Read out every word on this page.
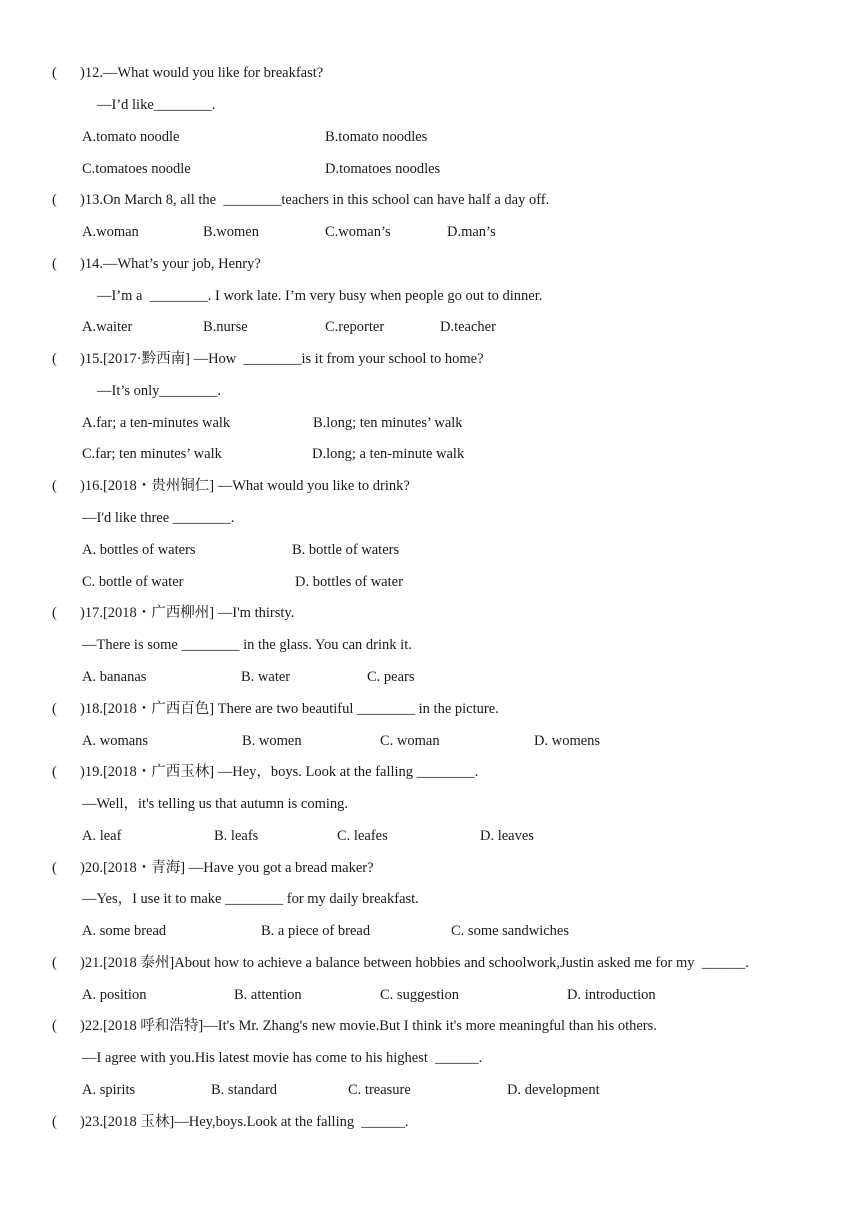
( )12.—What would you like for breakfast?
—I’d like________.
A.tomato noodle	B.tomato noodles
C.tomatoes noodle	D.tomatoes noodles
( )13.On March 8, all the  ________teachers in this school can have half a day off.
A.woman	B.women	C.woman’s	D.man’s
( )14.—What’s your job, Henry?
—I’m a  ________. I work late. I’m very busy when people go out to dinner.
A.waiter	B.nurse	C.reporter	D.teacher
( )15.[2017·黔西南] —How  ________is it from your school to home?
—It’s only________.
A.far; a ten-minutes walk	B.long; ten minutes’ walk
C.far; ten minutes’ walk	D.long; a ten-minute walk
( )16.[2018・贵州铜仁] —What would you like to drink?
—I'd like three ________.
A. bottles of waters	B. bottle of waters
C. bottle of water	D. bottles of water
( )17.[2018・广西柳州] —I'm thirsty.
—There is some ________ in the glass. You can drink it.
A. bananas	B. water	C. pears
( )18.[2018・广西百色] There are two beautiful ________ in the picture.
A. womans	B. women	C. woman	D. womens
( )19.[2018・广西玉林] —Hey，boys. Look at the falling ________.
—Well，it's telling us that autumn is coming.
A. leaf	B. leafs	C. leafes	D. leaves
( )20.[2018・青海] —Have you got a bread maker?
—Yes，I use it to make ________ for my daily breakfast.
A. some bread	B. a piece of bread	C. some sandwiches
( )21.[2018 泰州]About how to achieve a balance between hobbies and schoolwork,Justin asked me for my  ______.
A. position	B. attention	C. suggestion	D. introduction
( )22.[2018 呼和浩特]—It's Mr. Zhang's new movie.But I think it's more meaningful than his others.
—I agree with you.His latest movie has come to his highest  ______.
A. spirits	B. standard	C. treasure	D. development
( )23.[2018 玉林]—Hey,boys.Look at the falling  ______.
